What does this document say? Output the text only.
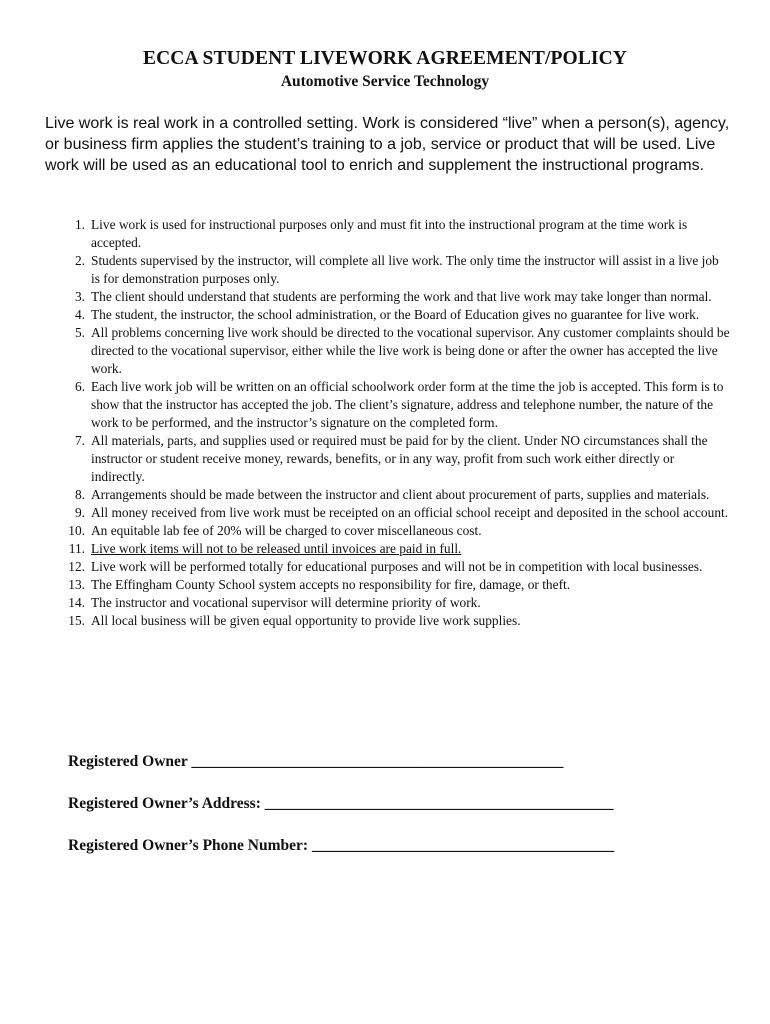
ECCA STUDENT LIVEWORK AGREEMENT/POLICY
Automotive Service Technology

Live work is real work in a controlled setting. Work is considered “live” when a person(s), agency, or business firm applies the student’s training to a job, service or product that will be used. Live work will be used as an educational tool to enrich and supplement the instructional programs.

1. Live work is used for instructional purposes only and must fit into the instructional program at the time work is accepted.
2. Students supervised by the instructor, will complete all live work. The only time the instructor will assist in a live job is for demonstration purposes only.
3. The client should understand that students are performing the work and that live work may take longer than normal.
4. The student, the instructor, the school administration, or the Board of Education gives no guarantee for live work.
5. All problems concerning live work should be directed to the vocational supervisor. Any customer complaints should be directed to the vocational supervisor, either while the live work is being done or after the owner has accepted the live work.
6. Each live work job will be written on an official schoolwork order form at the time the job is accepted. This form is to show that the instructor has accepted the job. The client’s signature, address and telephone number, the nature of the work to be performed, and the instructor’s signature on the completed form.
7. All materials, parts, and supplies used or required must be paid for by the client. Under NO circumstances shall the instructor or student receive money, rewards, benefits, or in any way, profit from such work either directly or indirectly.
8. Arrangements should be made between the instructor and client about procurement of parts, supplies and materials.
9. All money received from live work must be receipted on an official school receipt and deposited in the school account.
10. An equitable lab fee of 20% will be charged to cover miscellaneous cost.
11. Live work items will not to be released until invoices are paid in full.
12. Live work will be performed totally for educational purposes and will not be in competition with local businesses.
13. The Effingham County School system accepts no responsibility for fire, damage, or theft.
14. The instructor and vocational supervisor will determine priority of work.
15. All local business will be given equal opportunity to provide live work supplies.
Registered Owner ________________________________________________
Registered Owner’s Address: _____________________________________________
Registered Owner’s Phone Number: _______________________________________
